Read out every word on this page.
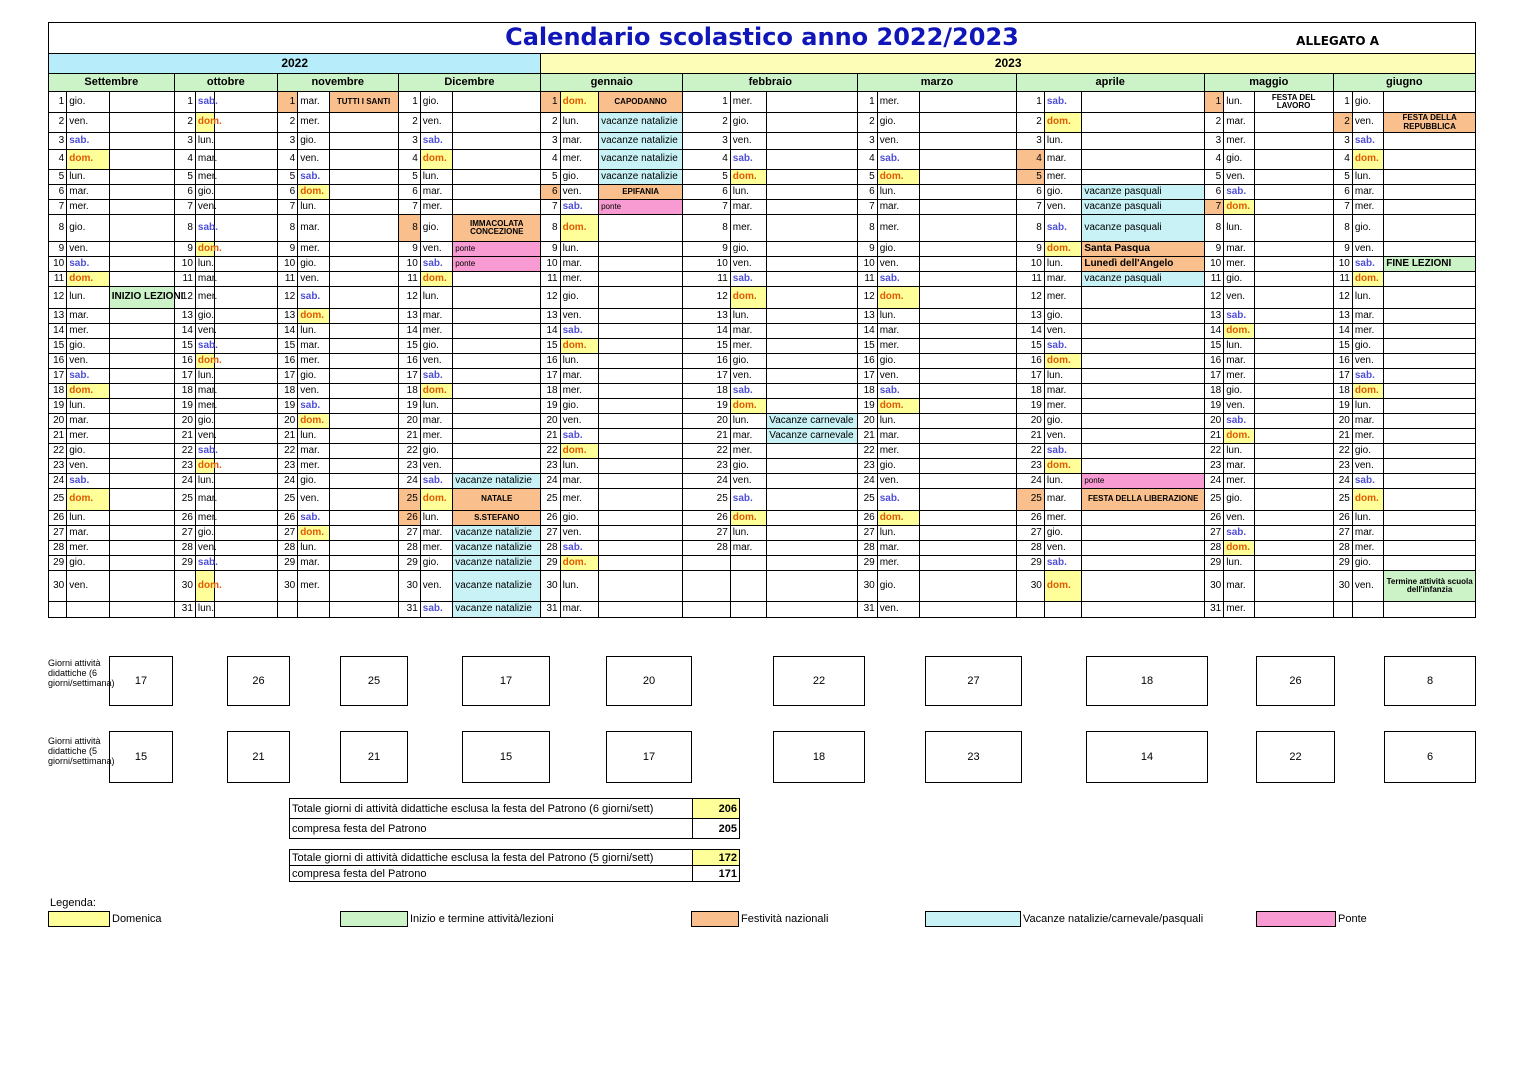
Calendario scolastico anno 2022/2023 ALLEGATO A																													

2022												2023																	
Settembre			ottobre			novembre			Dicembre			gennaio			febbraio			marzo			aprile			maggio			giugno		
1	gio.		1	sab.		1	mar.	TUTTI I SANTI	1	gio.		1	dom.	CAPODANNO	1	mer.		1	mer.		1	sab.		1	lun.	FESTA DEL LAVORO	1	gio.	
2	ven.		2	dom.		2	mer.		2	ven.		2	lun.	vacanze natalizie	2	gio.		2	gio.		2	dom.		2	mar.		2	ven.	FESTA DELLA REPUBBLICA
3	sab.		3	lun.		3	gio.		3	sab.		3	mar.	vacanze natalizie	3	ven.		3	ven.		3	lun.		3	mer.		3	sab.	
4	dom.		4	mar.		4	ven.		4	dom.		4	mer.	vacanze natalizie	4	sab.		4	sab.		4	mar.		4	gio.		4	dom.	
5	lun.		5	mer.		5	sab.		5	lun.		5	gio.	vacanze natalizie	5	dom.		5	dom.		5	mer.		5	ven.		5	lun.	
6	mar.		6	gio.		6	dom.		6	mar.		6	ven.	EPIFANIA	6	lun.		6	lun.		6	gio.	vacanze pasquali	6	sab.		6	mar.	
7	mer.		7	ven.		7	lun.		7	mer.		7	sab.	ponte	7	mar.		7	mar.		7	ven.	vacanze pasquali	7	dom.		7	mer.	
8	gio.		8	sab.		8	mar.		8	gio.	IMMACOLATA CONCEZIONE	8	dom.		8	mer.		8	mer.		8	sab.	vacanze pasquali	8	lun.		8	gio.	
9	ven.		9	dom.		9	mer.		9	ven.	ponte	9	lun.		9	gio.		9	gio.		9	dom.	Santa Pasqua	9	mar.		9	ven.	
10	sab.		10	lun.		10	gio.		10	sab.	ponte	10	mar.		10	ven.		10	ven.		10	lun.	Lunedì dell'Angelo	10	mer.		10	sab.	FINE LEZIONI
11	dom.		11	mar.		11	ven.		11	dom.		11	mer.		11	sab.		11	sab.		11	mar.	vacanze pasquali	11	gio.		11	dom.	
12	lun.	INIZIO LEZIONI	12	mer.		12	sab.		12	lun.		12	gio.		12	dom.		12	dom.		12	mer.		12	ven.		12	lun.	
13	mar.		13	gio.		13	dom.		13	mar.		13	ven.		13	lun.		13	lun.		13	gio.		13	sab.		13	mar.	
14	mer.		14	ven.		14	lun.		14	mer.		14	sab.		14	mar.		14	mar.		14	ven.		14	dom.		14	mer.	
15	gio.		15	sab.		15	mar.		15	gio.		15	dom.		15	mer.		15	mer.		15	sab.		15	lun.		15	gio.	
16	ven.		16	dom.		16	mer.		16	ven.		16	lun.		16	gio.		16	gio.		16	dom.		16	mar.		16	ven.	
17	sab.		17	lun.		17	gio.		17	sab.		17	mar.		17	ven.		17	ven.		17	lun.		17	mer.		17	sab.	
18	dom.		18	mar.		18	ven.		18	dom.		18	mer.		18	sab.		18	sab.		18	mar.		18	gio.		18	dom.	
19	lun.		19	mer.		19	sab.		19	lun.		19	gio.		19	dom.		19	dom.		19	mer.		19	ven.		19	lun.	
20	mar.		20	gio.		20	dom.		20	mar.		20	ven.		20	lun.	Vacanze carnevale	20	lun.		20	gio.		20	sab.		20	mar.	
21	mer.		21	ven.		21	lun.		21	mer.		21	sab.		21	mar.	Vacanze carnevale	21	mar.		21	ven.		21	dom.		21	mer.	
22	gio.		22	sab.		22	mar.		22	gio.		22	dom.		22	mer.		22	mer.		22	sab.		22	lun.		22	gio.	
23	ven.		23	dom.		23	mer.		23	ven.		23	lun.		23	gio.		23	gio.		23	dom.		23	mar.		23	ven.	
24	sab.		24	lun.		24	gio.		24	sab.	vacanze natalizie	24	mar.		24	ven.		24	ven.		24	lun.	ponte	24	mer.		24	sab.	
25	dom.		25	mar.		25	ven.		25	dom.	NATALE	25	mer.		25	sab.		25	sab.		25	mar.	FESTA DELLA LIBERAZIONE	25	gio.		25	dom.	
26	lun.		26	mer.		26	sab.		26	lun.	S.STEFANO	26	gio.		26	dom.		26	dom.		26	mer.		26	ven.		26	lun.	
27	mar.		27	gio.		27	dom.		27	mar.	vacanze natalizie	27	ven.		27	lun.		27	lun.		27	gio.		27	sab.		27	mar.	
28	mer.		28	ven.		28	lun.		28	mer.	vacanze natalizie	28	sab.		28	mar.		28	mar.		28	ven.		28	dom.		28	mer.	
29	gio.		29	sab.		29	mar.		29	gio.	vacanze natalizie	29	dom.					29	mer.		29	sab.		29	lun.		29	gio.	
30	ven.		30	dom.		30	mer.		30	ven.	vacanze natalizie	30	lun.					30	gio.		30	dom.		30	mar.		30	ven.	Termine attività scuola dell'infanzia
			31	lun.					31	sab.	vacanze natalizie	31	mar.					31	ven.					31	mer.				
Giorni attività didattiche (6 giorni/settimana)
Giorni attività didattiche (5 giorni/settimana)
17	26	25	17	20	22	27	18	26	8
15	21	21	15	17	18	23	14	22	6
Totale giorni di attività didattiche esclusa la festa del Patrono (6 giorni/sett)	206
compresa festa del Patrono	205
Totale giorni di attività didattiche esclusa la festa del Patrono (5 giorni/sett)	172
compresa festa del Patrono	171
Legenda:
Domenica	Inizio e termine attività/lezioni	Festività nazionali	Vacanze natalizie/carnevale/pasquali	Ponte
